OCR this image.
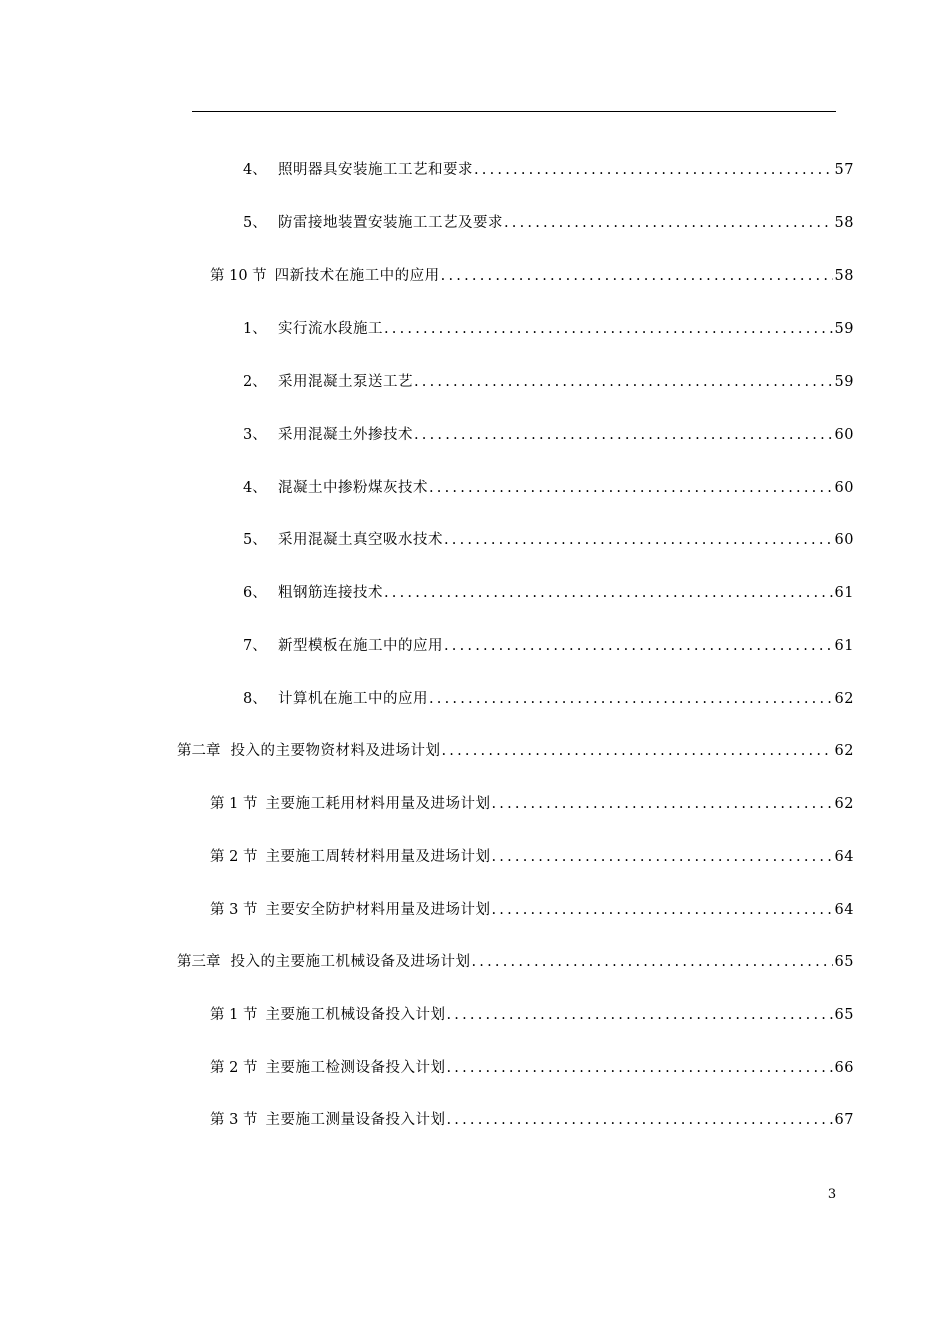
4、 照明器具安装施工工艺和要求 .....	57
5、 防雷接地装置安装施工工艺及要求 .....	58
第 10 节 四新技术在施工中的应用 .....	58
1、 实行流水段施工 .....	59
2、 采用混凝土泵送工艺 .....	59
3、 采用混凝土外掺技术 .....	60
4、 混凝土中掺粉煤灰技术 .....	60
5、 采用混凝土真空吸水技术 .....	60
6、 粗钢筋连接技术 .....	61
7、 新型模板在施工中的应用 .....	61
8、 计算机在施工中的应用 .....	62
第二章 投入的主要物资材料及进场计划 .....	62
第 1 节 主要施工耗用材料用量及进场计划 .....	62
第 2 节 主要施工周转材料用量及进场计划 .....	64
第 3 节 主要安全防护材料用量及进场计划 .....	64
第三章 投入的主要施工机械设备及进场计划 .....	65
第 1 节 主要施工机械设备投入计划 .....	65
第 2 节 主要施工检测设备投入计划 .....	66
第 3 节 主要施工测量设备投入计划 .....	67
3
